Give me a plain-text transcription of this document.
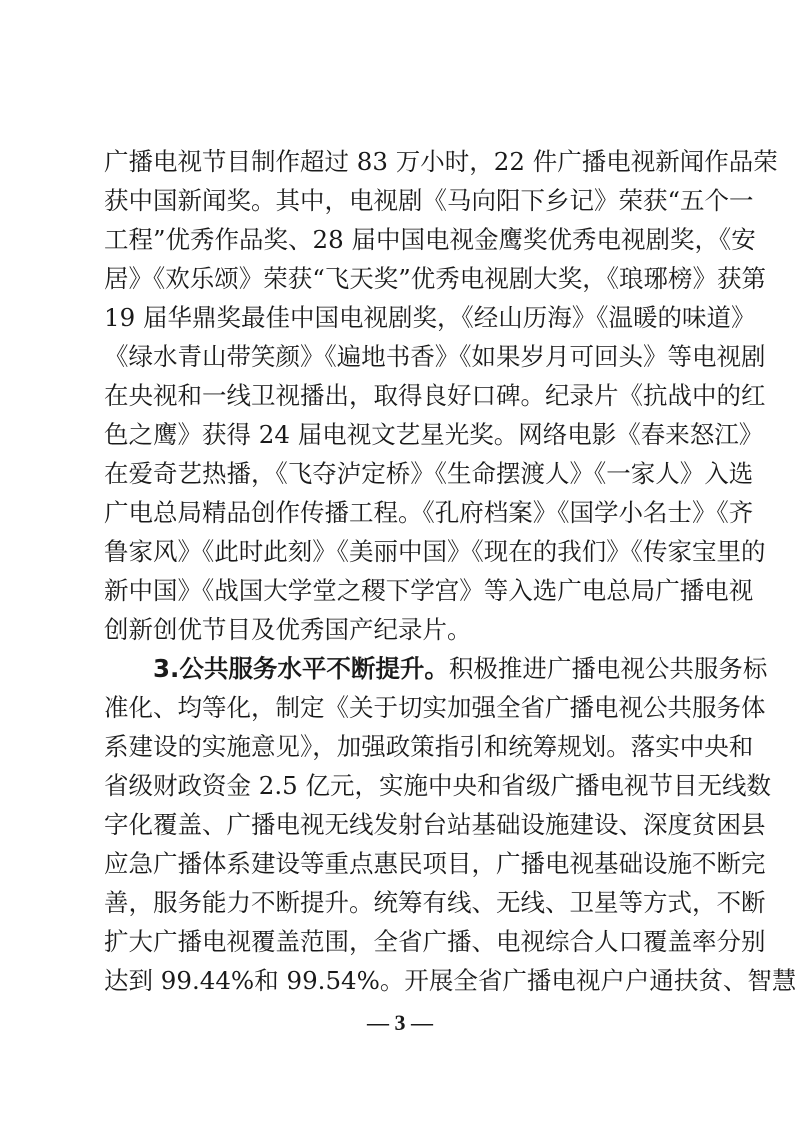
广播电视节目制作超过 83 万小时，22 件广播电视新闻作品荣
获中国新闻奖。其中，电视剧《马向阳下乡记》荣获“五个一
工程”优秀作品奖、28 届中国电视金鹰奖优秀电视剧奖，《安
居》《欢乐颂》荣获“飞天奖”优秀电视剧大奖，《琅琊榜》获第
19 届华鼎奖最佳中国电视剧奖，《经山历海》《温暖的味道》
《绿水青山带笑颜》《遍地书香》《如果岁月可回头》等电视剧
在央视和一线卫视播出，取得良好口碑。纪录片《抗战中的红
色之鹰》获得 24 届电视文艺星光奖。网络电影《春来怒江》
在爱奇艺热播，《飞夺泸定桥》《生命摆渡人》《一家人》入选
广电总局精品创作传播工程。《孔府档案》《国学小名士》《齐
鲁家风》《此时此刻》《美丽中国》《现在的我们》《传家宝里的
新中国》《战国大学堂之稷下学宫》等入选广电总局广播电视
创新创优节目及优秀国产纪录片。
3.公共服务水平不断提升。积极推进广播电视公共服务标
准化、均等化，制定《关于切实加强全省广播电视公共服务体
系建设的实施意见》，加强政策指引和统筹规划。落实中央和
省级财政资金 2.5 亿元，实施中央和省级广播电视节目无线数
字化覆盖、广播电视无线发射台站基础设施建设、深度贫困县
应急广播体系建设等重点惠民项目，广播电视基础设施不断完
善，服务能力不断提升。统筹有线、无线、卫星等方式，不断
扩大广播电视覆盖范围，全省广播、电视综合人口覆盖率分别
达到 99.44%和 99.54%。开展全省广播电视户户通扶贫、智慧
— 3 —
